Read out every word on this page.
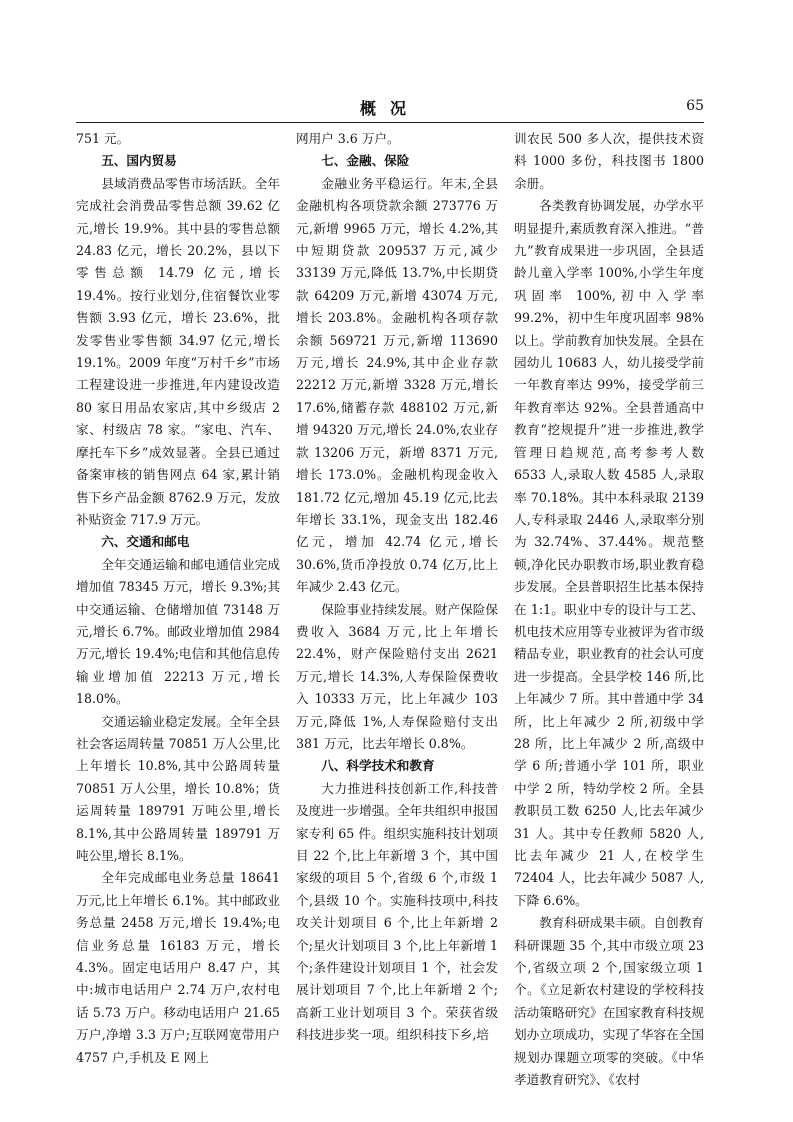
概况	65

751 元。

五、国内贸易

县域消费品零售市场活跃。全年完成社会消费品零售总额 39.62 亿元,增长 19.9%。其中县的零售总额 24.83 亿元，增长 20.2%，县以下零售总额 14.79 亿元,增长 19.4%。按行业划分,住宿餐饮业零售额 3.93 亿元，增长 23.6%，批发零售业零售额 34.97 亿元,增长 19.1%。2009 年度“万村千乡”市场工程建设进一步推进,年内建设改造 80 家日用品农家店,其中乡级店 2 家、村级店 78 家。“家电、汽车、摩托车下乡”成效显著。全县已通过备案审核的销售网点 64 家,累计销售下乡产品金额 8762.9 万元，发放补贴资金 717.9 万元。

六、交通和邮电

全年交通运输和邮电通信业完成增加值 78345 万元，增长 9.3%;其中交通运输、仓储增加值 73148 万元,增长 6.7%。邮政业增加值 2984 万元,增长 19.4%;电信和其他信息传输业增加值 22213 万元,增长 18.0%。

交通运输业稳定发展。全年全县社会客运周转量 70851 万人公里,比上年增长 10.8%,其中公路周转量 70851 万人公里，增长 10.8%；货运周转量 189791 万吨公里,增长 8.1%,其中公路周转量 189791 万吨公里,增长 8.1%。

全年完成邮电业务总量 18641 万元,比上年增长 6.1%。其中邮政业务总量 2458 万元,增长 19.4%;电信业务总量 16183 万元，增长 4.3%。固定电话用户 8.47 户，其中:城市电话用户 2.74 万户,农村电话 5.73 万户。移动电话用户 21.65 万户,净增 3.3 万户;互联网宽带用户 4757 户,手机及 E 网上

网用户 3.6 万户。

七、金融、保险

金融业务平稳运行。年末,全县金融机构各项贷款余额 273776 万元,新增 9965 万元，增长 4.2%,其中短期贷款 209537 万元,减少 33139 万元,降低 13.7%,中长期贷款 64209 万元,新增 43074 万元,增长 203.8%。金融机构各项存款余额 569721 万元,新增 113690 万元,增长 24.9%,其中企业存款 22212 万元,新增 3328 万元,增长 17.6%,储蓄存款 488102 万元,新增 94320 万元,增长 24.0%,农业存款 13206 万元，新增 8371 万元,增长 173.0%。金融机构现金收入 181.72 亿元,增加 45.19 亿元,比去年增长 33.1%，现金支出 182.46 亿元，增加 42.74 亿元,增长 30.6%,货币净投放 0.74 亿万,比上年减少 2.43 亿元。

保险事业持续发展。财产保险保费收入 3684 万元,比上年增长 22.4%，财产保险赔付支出 2621 万元,增长 14.3%,人寿保险保费收入 10333 万元，比上年减少 103 万元,降低 1%,人寿保险赔付支出 381 万元，比去年增长 0.8%。

八、科学技术和教育

大力推进科技创新工作,科技普及度进一步增强。全年共组织申报国家专利 65 件。组织实施科技计划项目 22 个,比上年新增 3 个，其中国家级的项目 5 个,省级 6 个,市级 1 个,县级 10 个。实施科技项中,科技攻关计划项目 6 个,比上年新增 2 个;星火计划项目 3 个,比上年新增 1 个;条件建设计划项目 1 个，社会发展计划项目 7 个,比上年新增 2 个;高新工业计划项目 3 个。荣获省级科技进步奖一项。组织科技下乡,培

训农民 500 多人次，提供技术资料 1000 多份，科技图书 1800 余册。

各类教育协调发展，办学水平明显提升,素质教育深入推进。“普九”教育成果进一步巩固，全县适龄儿童入学率 100%,小学生年度巩固率 100%,初中入学率 99.2%，初中生年度巩固率 98%以上。学前教育加快发展。全县在园幼儿 10683 人，幼儿接受学前一年教育率达 99%，接受学前三年教育率达 92%。全县普通高中教育“挖规提升”进一步推进,教学管理日趋规范,高考参考人数 6533 人,录取人数 4585 人,录取率 70.18%。其中本科录取 2139 人,专科录取 2446 人,录取率分别为 32.74%、37.44%。规范整顿,净化民办职教市场,职业教育稳步发展。全县普职招生比基本保持在 1:1。职业中专的设计与工艺、机电技术应用等专业被评为省市级精品专业，职业教育的社会认可度进一步提高。全县学校 146 所,比上年减少 7 所。其中普通中学 34 所，比上年减少 2 所,初级中学 28 所，比上年减少 2 所,高级中学 6 所;普通小学 101 所，职业中学 2 所，特幼学校 2 所。全县教职员工数 6250 人,比去年减少 31 人。其中专任教师 5820 人,比去年减少 21 人,在校学生 72404 人，比去年减少 5087 人,下降 6.6%。

教育科研成果丰硕。自创教育科研课题 35 个,其中市级立项 23 个,省级立项 2 个,国家级立项 1 个。《立足新农村建设的学校科技活动策略研究》在国家教育科技规划办立项成功，实现了华容在全国规划办课题立项零的突破。《中华孝道教育研究》、《农村
